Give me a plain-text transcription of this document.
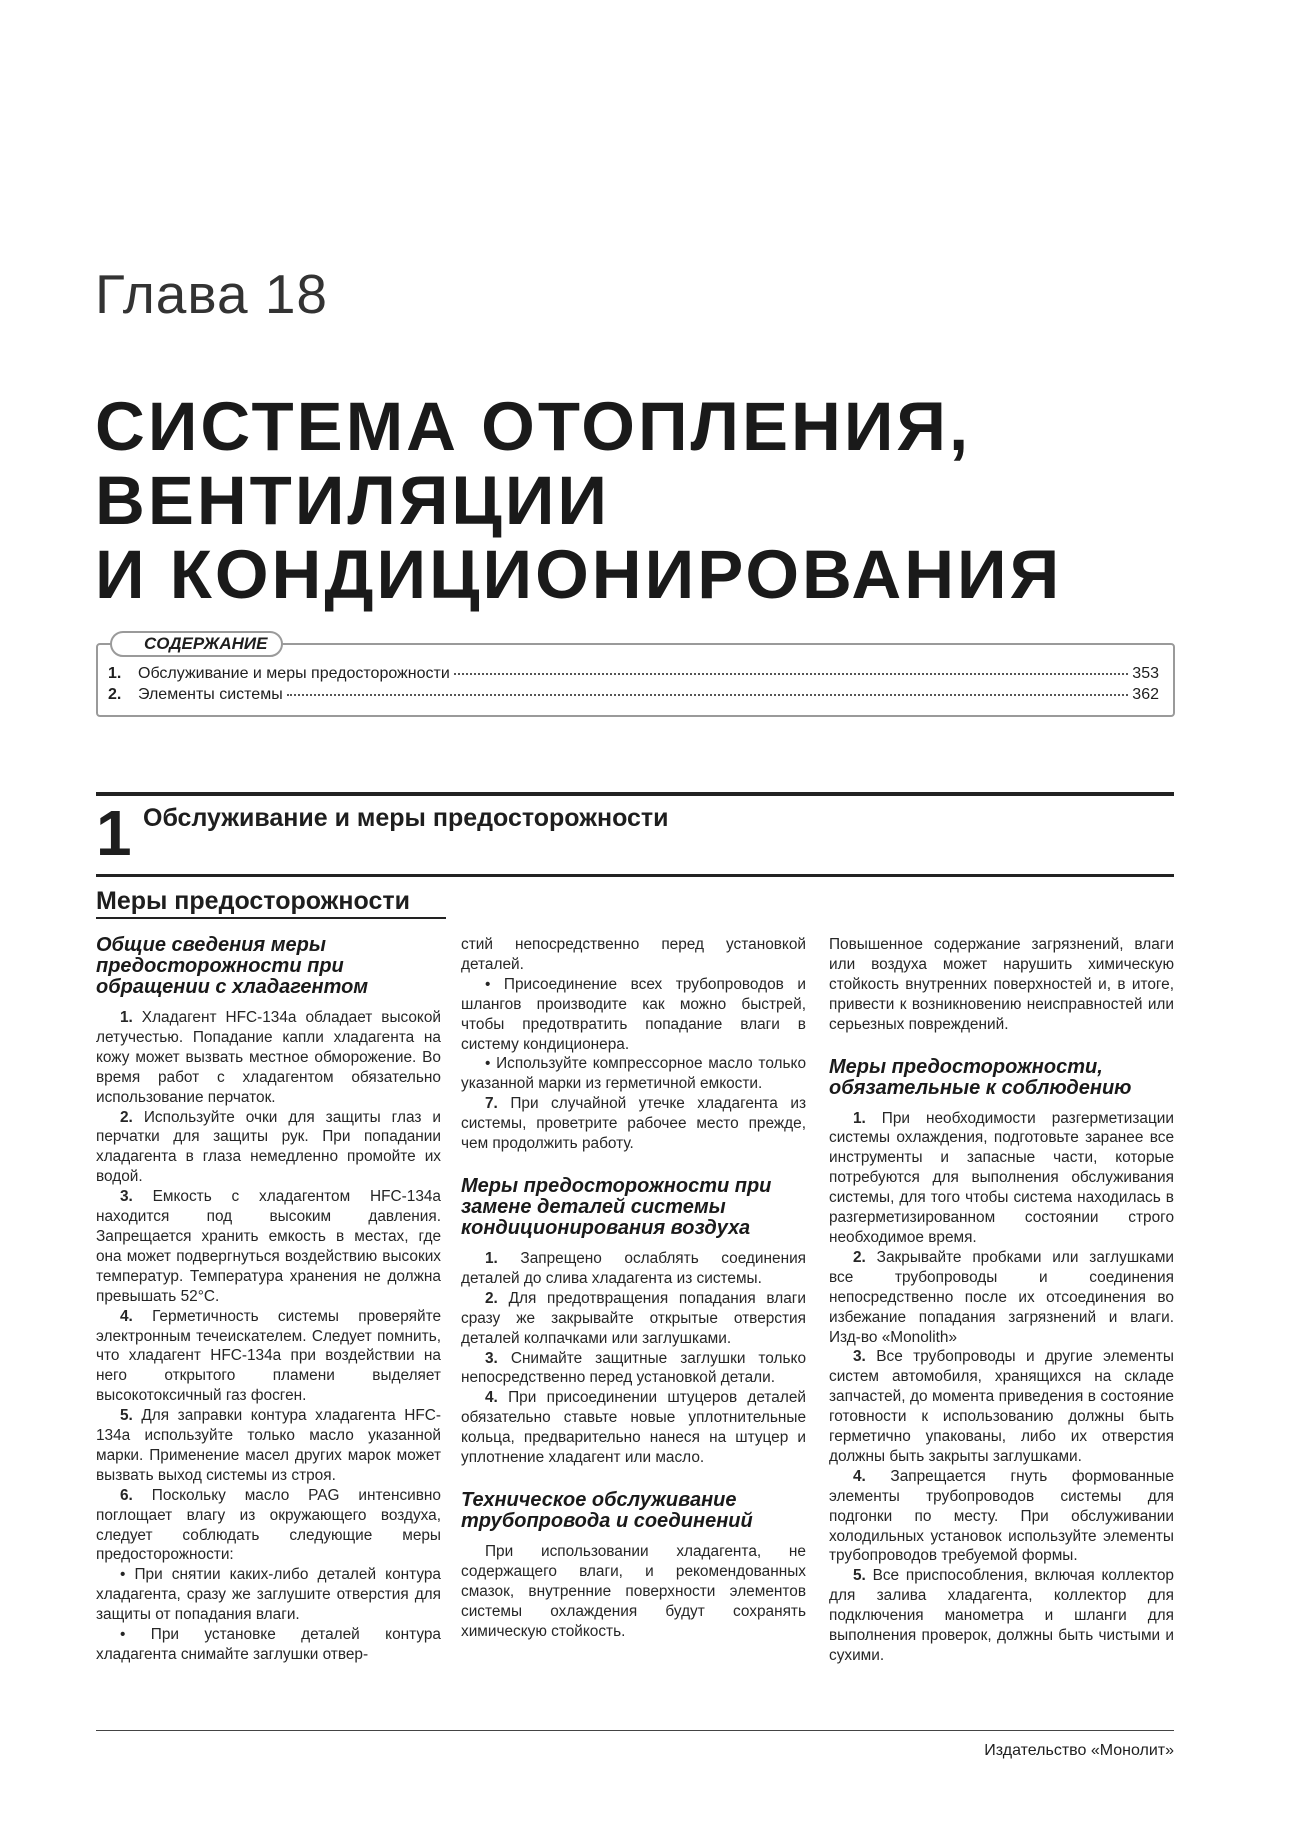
Глава 18
СИСТЕМА ОТОПЛЕНИЯ,
ВЕНТИЛЯЦИИ
И КОНДИЦИОНИРОВАНИЯ
СОДЕРЖАНИЕ
1.	Обслуживание и меры предосторожности	353
2.	Элементы системы	362
1 Обслуживание и меры предосторожности
Меры предосторожности
Общие сведения меры предосторожности при обращении с хладагентом

1. Хладагент HFC-134a обладает высокой летучестью. Попадание капли хладагента на кожу может вызвать местное обморожение. Во время работ с хладагентом обязательно использование перчаток.

2. Используйте очки для защиты глаз и перчатки для защиты рук. При попадании хладагента в глаза немедленно промойте их водой.

3. Емкость с хладагентом HFC-134a находится под высоким давления. Запрещается хранить емкость в местах, где она может подвергнуться воздействию высоких температур. Температура хранения не должна превышать 52°С.

4. Герметичность системы проверяйте электронным течеискателем. Следует помнить, что хладагент HFC-134a при воздействии на него открытого пламени выделяет высокотоксичный газ фосген.

5. Для заправки контура хладагента HFC-134a используйте только масло указанной марки. Применение масел других марок может вызвать выход системы из строя.

6. Поскольку масло PAG интенсивно поглощает влагу из окружающего воздуха, следует соблюдать следующие меры предосторожности:

• При снятии каких-либо деталей контура хладагента, сразу же заглушите отверстия для защиты от попадания влаги.

• При установке деталей контура хладагента снимайте заглушки отвер-

стий непосредственно перед установкой деталей.

• Присоединение всех трубопроводов и шлангов производите как можно быстрей, чтобы предотвратить попадание влаги в систему кондиционера.

• Используйте компрессорное масло только указанной марки из герметичной емкости.

7. При случайной утечке хладагента из системы, проветрите рабочее место прежде, чем продолжить работу.

Меры предосторожности при замене деталей системы кондиционирования воздуха

1. Запрещено ослаблять соединения деталей до слива хладагента из системы.

2. Для предотвращения попадания влаги сразу же закрывайте открытые отверстия деталей колпачками или заглушками.

3. Снимайте защитные заглушки только непосредственно перед установкой детали.

4. При присоединении штуцеров деталей обязательно ставьте новые уплотнительные кольца, предварительно нанеся на штуцер и уплотнение хладагент или масло.

Техническое обслуживание трубопровода и соединений

При использовании хладагента, не содержащего влаги, и рекомендованных смазок, внутренние поверхности элементов системы охлаждения будут сохранять химическую стойкость.

Повышенное содержание загрязнений, влаги или воздуха может нарушить химическую стойкость внутренних поверхностей и, в итоге, привести к возникновению неисправностей или серьезных повреждений.

Меры предосторожности, обязательные к соблюдению

1. При необходимости разгерметизации системы охлаждения, подготовьте заранее все инструменты и запасные части, которые потребуются для выполнения обслуживания системы, для того чтобы система находилась в разгерметизированном состоянии строго необходимое время.

2. Закрывайте пробками или заглушками все трубопроводы и соединения непосредственно после их отсоединения во избежание попадания загрязнений и влаги. Изд-во «Monolith»

3. Все трубопроводы и другие элементы систем автомобиля, хранящихся на складе запчастей, до момента приведения в состояние готовности к использованию должны быть герметично упакованы, либо их отверстия должны быть закрыты заглушками.

4. Запрещается гнуть формованные элементы трубопроводов системы для подгонки по месту. При обслуживании холодильных установок используйте элементы трубопроводов требуемой формы.

5. Все приспособления, включая коллектор для залива хладагента, коллектор для подключения манометра и шланги для выполнения проверок, должны быть чистыми и сухими.

Издательство «Монолит»
